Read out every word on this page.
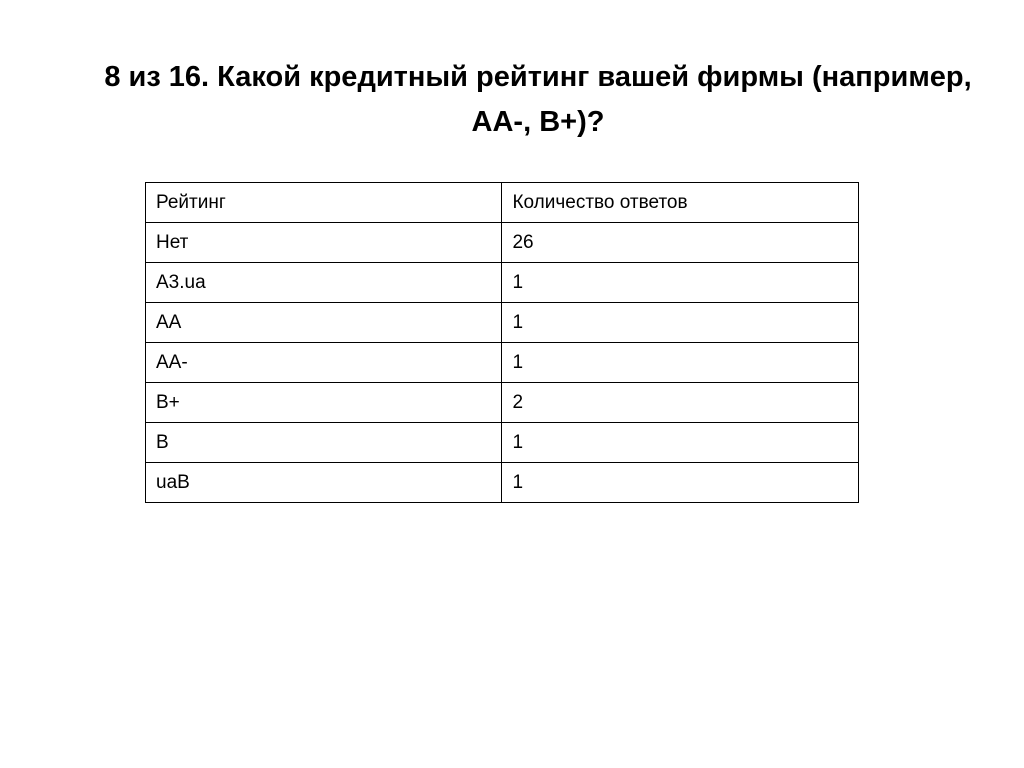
8 из 16. Какой кредитный рейтинг вашей фирмы (например,
AA-, B+)?
Рейтинг	Количество ответов
Нет	26
A3.ua	1
AA	1
AA-	1
B+	2
B	1
uaB	1
